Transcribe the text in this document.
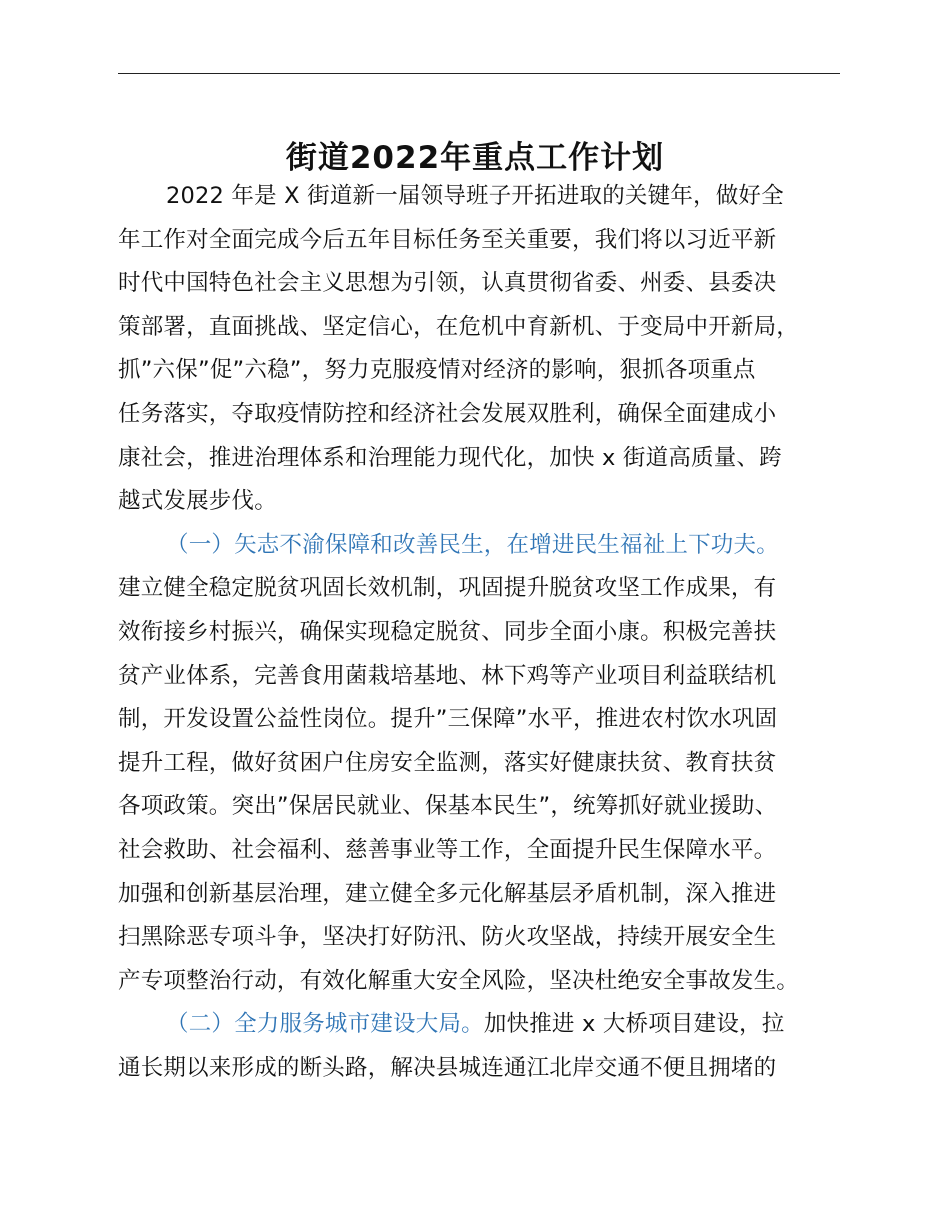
街道2022年重点工作计划
2022 年是 X 街道新一届领导班子开拓进取的关键年，做好全
年工作对全面完成今后五年目标任务至关重要，我们将以习近平新
时代中国特色社会主义思想为引领，认真贯彻省委、州委、县委决
策部署，直面挑战、坚定信心，在危机中育新机、于变局中开新局，
抓”六保”促”六稳”，努力克服疫情对经济的影响，狠抓各项重点
任务落实，夺取疫情防控和经济社会发展双胜利，确保全面建成小
康社会，推进治理体系和治理能力现代化，加快 x 街道高质量、跨
越式发展步伐。
（一）矢志不渝保障和改善民生，在增进民生福祉上下功夫。
建立健全稳定脱贫巩固长效机制，巩固提升脱贫攻坚工作成果，有
效衔接乡村振兴，确保实现稳定脱贫、同步全面小康。积极完善扶
贫产业体系，完善食用菌栽培基地、林下鸡等产业项目利益联结机
制，开发设置公益性岗位。提升”三保障”水平，推进农村饮水巩固
提升工程，做好贫困户住房安全监测，落实好健康扶贫、教育扶贫
各项政策。突出”保居民就业、保基本民生”，统筹抓好就业援助、
社会救助、社会福利、慈善事业等工作，全面提升民生保障水平。
加强和创新基层治理，建立健全多元化解基层矛盾机制，深入推进
扫黑除恶专项斗争，坚决打好防汛、防火攻坚战，持续开展安全生
产专项整治行动，有效化解重大安全风险，坚决杜绝安全事故发生。
（二）全力服务城市建设大局。加快推进 x 大桥项目建设，拉
通长期以来形成的断头路，解决县城连通江北岸交通不便且拥堵的
